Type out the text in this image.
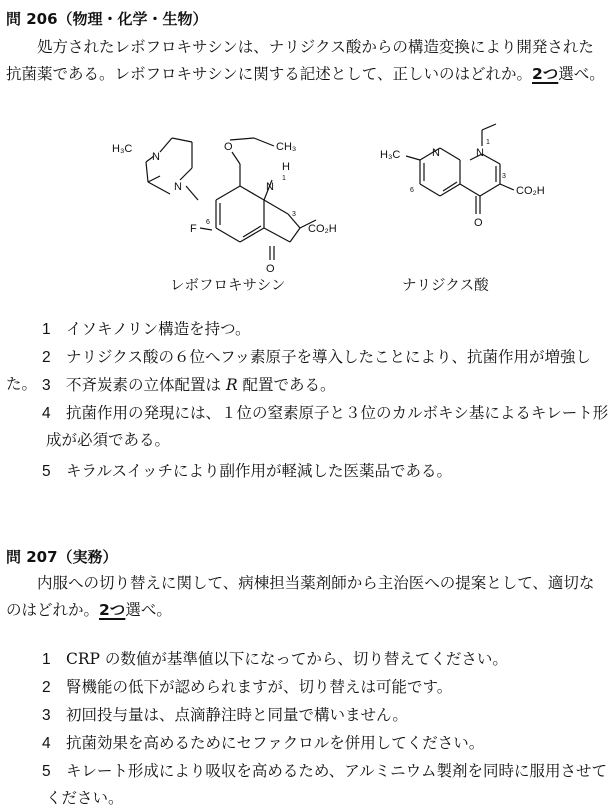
問 206（物理・化学・生物）

処方されたレボフロキサシンは、ナリジクス酸からの構造変換により開発された抗菌薬である。レボフロキサシンに関する記述として、正しいのはどれか。2つ選べ。

H₃C
N
N
O	CH₃
H
N
F
6
1
3
CO₂H
O
H₃C	N	N
1
6
3
CO₂H
O
レボフロキサシン	ナリジクス酸

1 イソキノリン構造を持つ。

2 ナリジクス酸の６位へフッ素原子を導入したことにより、抗菌作用が増強した。 3 不斉炭素の立体配置は R 配置である。

4 抗菌作用の発現には、１位の窒素原子と３位のカルボキシ基によるキレート形
成が必須である。

5 キラルスイッチにより副作用が軽減した医薬品である。

問 207（実務）

内服への切り替えに関して、病棟担当薬剤師から主治医への提案として、適切なのはどれか。2つ選べ。

1 CRP の数値が基準値以下になってから、切り替えてください。

2 腎機能の低下が認められますが、切り替えは可能です。

3 初回投与量は、点滴静注時と同量で構いません。

4 抗菌効果を高めるためにセファクロルを併用してください。

5 キレート形成により吸収を高めるため、アルミニウム製剤を同時に服用させて
ください。
